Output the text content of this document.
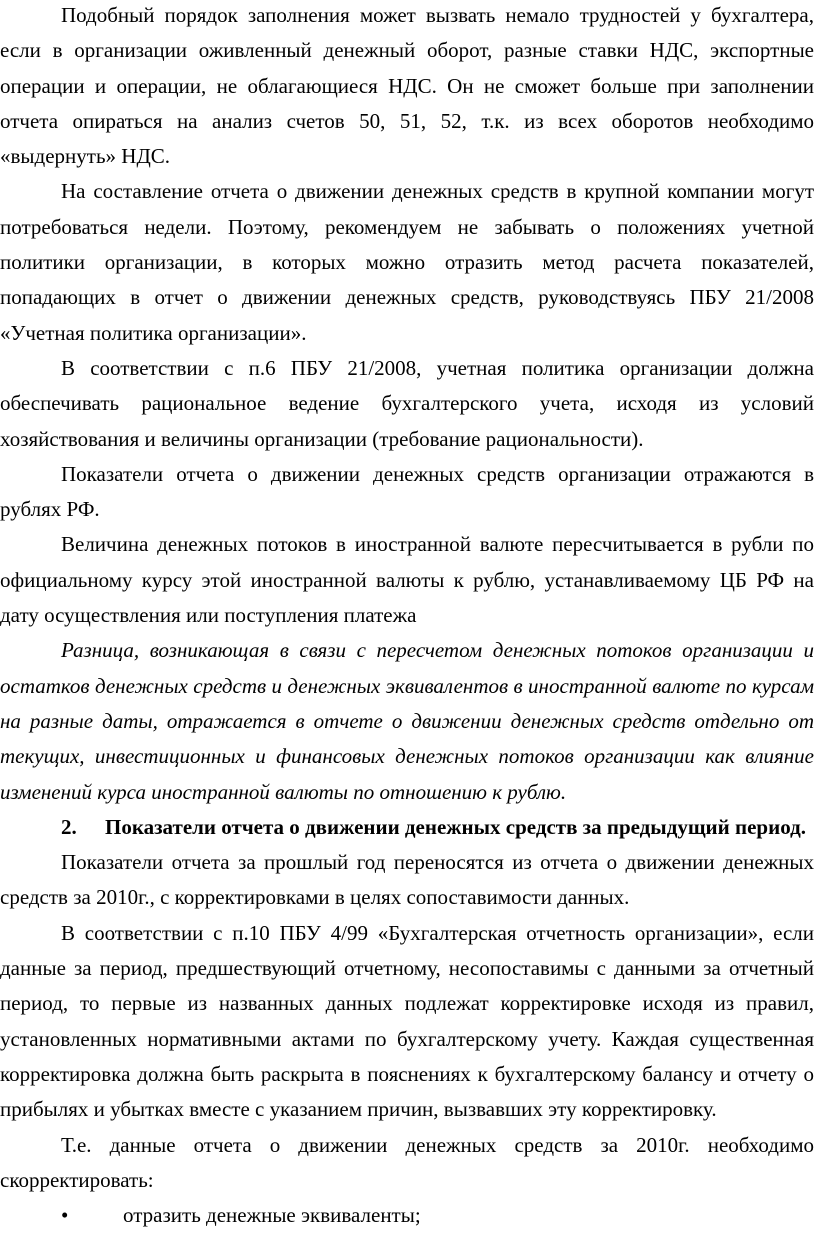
Подобный порядок заполнения может вызвать немало трудностей у бухгалтера, если в организации оживленный денежный оборот, разные ставки НДС, экспортные операции и операции, не облагающиеся НДС. Он не сможет больше при заполнении отчета опираться на анализ счетов 50, 51, 52, т.к. из всех оборотов необходимо «выдернуть» НДС.

На составление отчета о движении денежных средств в крупной компании могут потребоваться недели. Поэтому, рекомендуем не забывать о положениях учетной политики организации, в которых можно отразить метод расчета показателей, попадающих в отчет о движении денежных средств, руководствуясь ПБУ 21/2008 «Учетная политика организации».

В соответствии с п.6 ПБУ 21/2008, учетная политика организации должна обеспечивать рациональное ведение бухгалтерского учета, исходя из условий хозяйствования и величины организации (требование рациональности).

Показатели отчета о движении денежных средств организации отражаются в рублях РФ.

Величина денежных потоков в иностранной валюте пересчитывается в рубли по официальному курсу этой иностранной валюты к рублю, устанавливаемому ЦБ РФ на дату осуществления или поступления платежа

Разница, возникающая в связи с пересчетом денежных потоков организации и остатков денежных средств и денежных эквивалентов в иностранной валюте по курсам на разные даты, отражается в отчете о движении денежных средств отдельно от текущих, инвестиционных и финансовых денежных потоков организации как влияние изменений курса иностранной валюты по отношению к рублю.

2.	Показатели отчета о движении денежных средств за предыдущий период.

Показатели отчета за прошлый год переносятся из отчета о движении денежных средств за 2010г., с корректировками в целях сопоставимости данных.

В соответствии с п.10 ПБУ 4/99 «Бухгалтерская отчетность организации», если данные за период, предшествующий отчетному, несопоставимы с данными за отчетный период, то первые из названных данных подлежат корректировке исходя из правил, установленных нормативными актами по бухгалтерскому учету. Каждая существенная корректировка должна быть раскрыта в пояснениях к бухгалтерскому балансу и отчету о прибылях и убытках вместе с указанием причин, вызвавших эту корректировку.

Т.е. данные отчета о движении денежных средств за 2010г. необходимо скорректировать:

•	отразить денежные эквиваленты;
